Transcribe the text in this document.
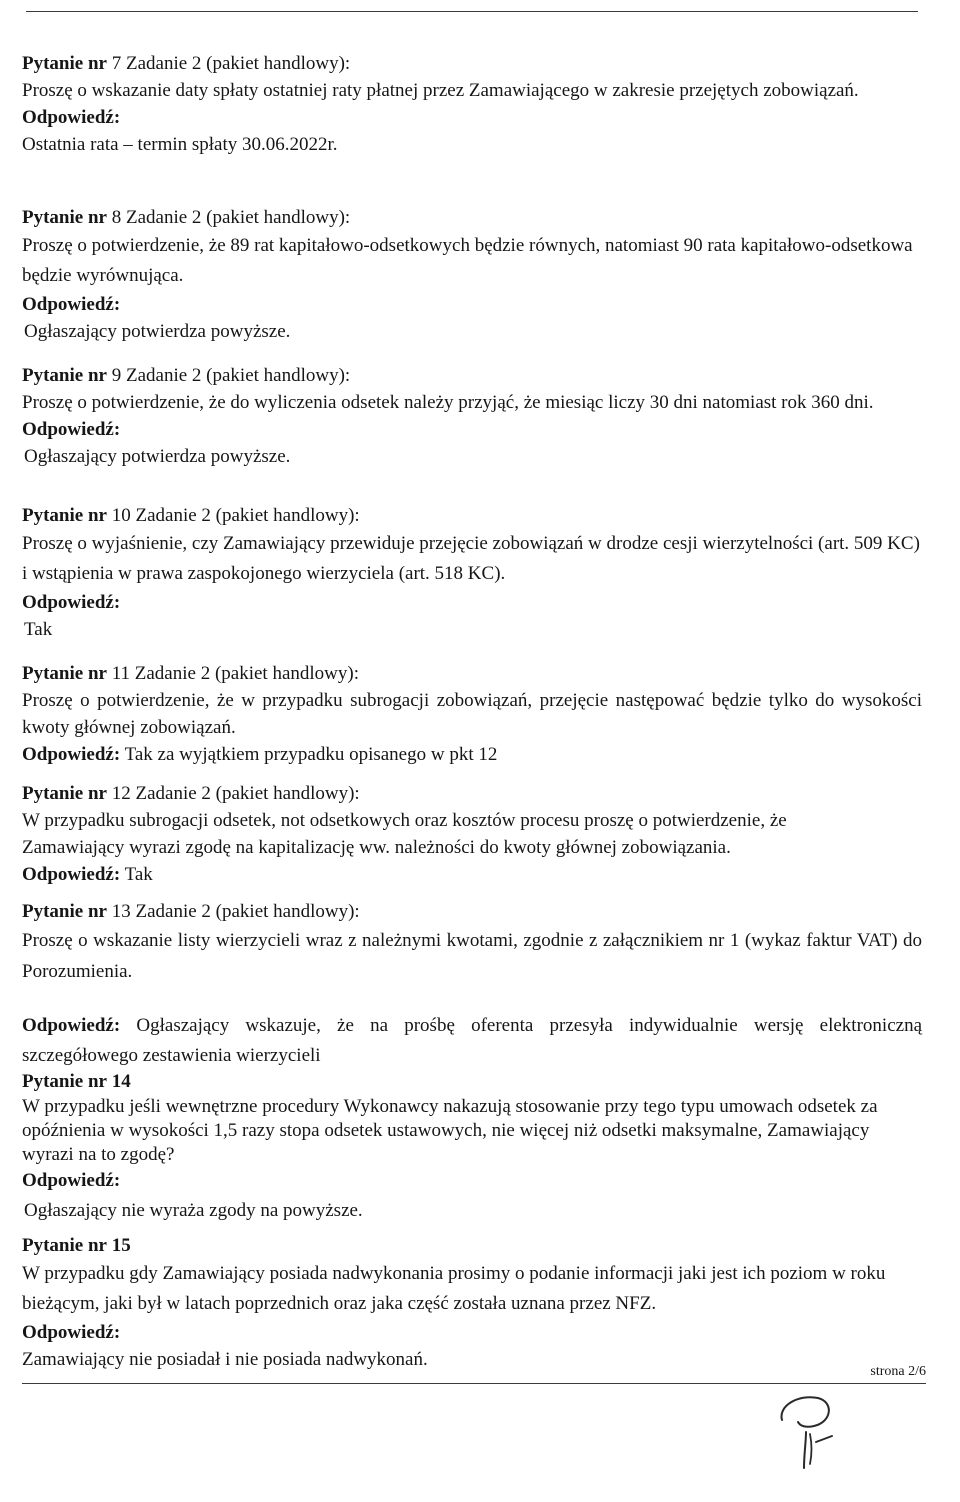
Pytanie nr 7 Zadanie 2 (pakiet handlowy):

Proszę o wskazanie daty spłaty ostatniej raty płatnej przez Zamawiającego w zakresie przejętych zobowiązań.

Odpowiedź:

Ostatnia rata – termin spłaty 30.06.2022r.

Pytanie nr 8 Zadanie 2 (pakiet handlowy):

Proszę o potwierdzenie, że 89 rat kapitałowo-odsetkowych będzie równych, natomiast 90 rata kapitałowo-odsetkowa będzie wyrównująca.

Odpowiedź:

Ogłaszający potwierdza powyższe.

Pytanie nr 9 Zadanie 2 (pakiet handlowy):

Proszę o potwierdzenie, że do wyliczenia odsetek należy przyjąć, że miesiąc liczy 30 dni natomiast rok 360 dni.

Odpowiedź:

Ogłaszający potwierdza powyższe.

Pytanie nr 10 Zadanie 2 (pakiet handlowy):

Proszę o wyjaśnienie, czy Zamawiający przewiduje przejęcie zobowiązań w drodze cesji wierzytelności (art. 509 KC) i wstąpienia w prawa zaspokojonego wierzyciela (art. 518 KC).

Odpowiedź:

Tak

Pytanie nr 11 Zadanie 2 (pakiet handlowy):

Proszę o potwierdzenie, że w przypadku subrogacji zobowiązań, przejęcie następować będzie tylko do wysokości kwoty głównej zobowiązań.

Odpowiedź: Tak za wyjątkiem przypadku opisanego w pkt 12

Pytanie nr 12 Zadanie 2 (pakiet handlowy):

W przypadku subrogacji odsetek, not odsetkowych oraz kosztów procesu proszę o potwierdzenie, że Zamawiający wyrazi zgodę na kapitalizację ww. należności do kwoty głównej zobowiązania.

Odpowiedź: Tak

Pytanie nr 13 Zadanie 2 (pakiet handlowy):

Proszę o wskazanie listy wierzycieli wraz z należnymi kwotami, zgodnie z załącznikiem nr 1 (wykaz faktur VAT) do Porozumienia.

Odpowiedź: Ogłaszający wskazuje, że na prośbę oferenta przesyła indywidualnie wersję elektroniczną szczegółowego zestawienia wierzycieli

Pytanie nr 14

W przypadku jeśli wewnętrzne procedury Wykonawcy nakazują stosowanie przy tego typu umowach odsetek za opóźnienia w wysokości 1,5 razy stopa odsetek ustawowych, nie więcej niż odsetki maksymalne, Zamawiający wyrazi na to zgodę?

Odpowiedź:

Ogłaszający nie wyraża zgody na powyższe.

Pytanie nr 15

W przypadku gdy Zamawiający posiada nadwykonania prosimy o podanie informacji jaki jest ich poziom w roku bieżącym, jaki był w latach poprzednich oraz jaka część została uznana przez NFZ.

Odpowiedź:

Zamawiający nie posiadał i nie posiada nadwykonań.

strona 2/6
